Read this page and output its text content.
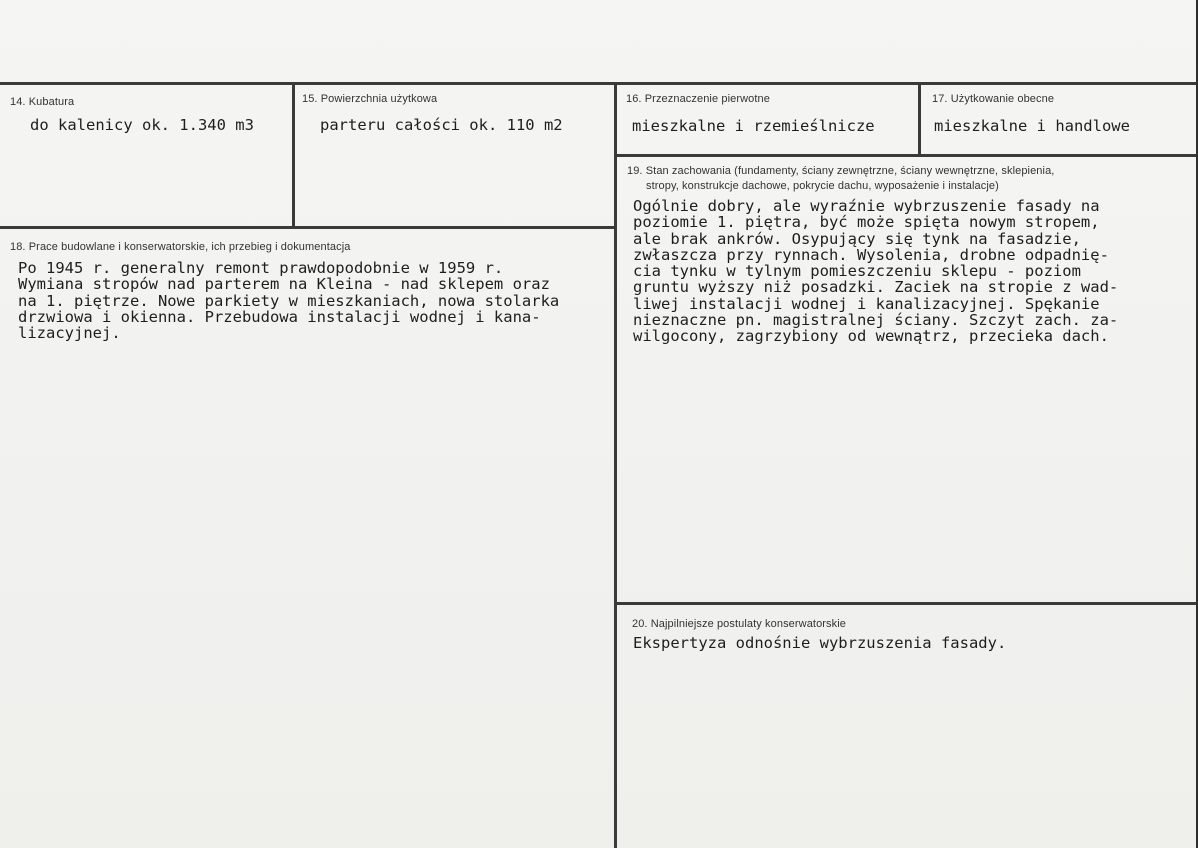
14. Kubatura
do kalenicy ok. 1.340 m3
15. Powierzchnia użytkowa
parteru całości ok. 110 m2
16. Przeznaczenie pierwotne
mieszkalne i rzemieślnicze
17. Użytkowanie obecne
mieszkalne i handlowe
19. Stan zachowania (fundamenty, ściany zewnętrzne, ściany wewnętrzne, sklepienia,
stropy, konstrukcje dachowe, pokrycie dachu, wyposażenie i instalacje)
Ogólnie dobry, ale wyraźnie wybrzuszenie fasady na
poziomie 1. piętra, być może spięta nowym stropem,
ale brak ankrów. Osypujący się tynk na fasadzie,
zwłaszcza przy rynnach. Wysolenia, drobne odpadnię-
cia tynku w tylnym pomieszczeniu sklepu - poziom
gruntu wyższy niż posadzki. Zaciek na stropie z wad-
liwej instalacji wodnej i kanalizacyjnej. Spękanie
nieznaczne pn. magistralnej ściany. Szczyt zach. za-
wilgocony, zagrzybiony od wewnątrz, przecieka dach.
18. Prace budowlane i konserwatorskie, ich przebieg i dokumentacja
Po 1945 r. generalny remont prawdopodobnie w 1959 r.
Wymiana stropów nad parterem na Kleina - nad sklepem oraz
na 1. piętrze. Nowe parkiety w mieszkaniach, nowa stolarka
drzwiowa i okienna. Przebudowa instalacji wodnej i kana-
lizacyjnej.
20. Najpilniejsze postulaty konserwatorskie
Ekspertyza odnośnie wybrzuszenia fasady.
